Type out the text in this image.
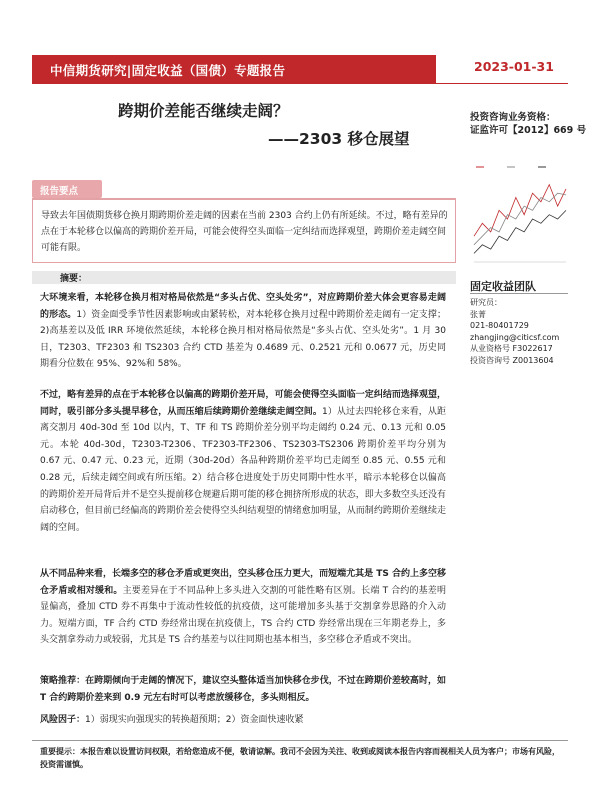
中信期货研究|固定收益（国债）专题报告	2023-01-31
跨期价差能否继续走阔？
——2303 移仓展望
投资咨询业务资格：
证监许可【2012】669 号
报告要点

导致去年国债期货移仓换月期跨期价差走阔的因素在当前 2303 合约上仍有所延续。不过，略有差异的点在于本轮移仓以偏高的跨期价差开局，可能会使得空头面临一定纠结而选择观望，跨期价差走阔空间可能有限。

摘要：
大环境来看，本轮移仓换月相对格局依然是“多头占优、空头处劣”，对应跨期价差大体会更容易走阔的形态。1）资金面受季节性因素影响或由紧转松，对本轮移仓换月过程中跨期价差走阔有一定支撑；2)高基差以及低 IRR 环境依然延续，本轮移仓换月相对格局依然是“多头占优、空头处劣”。1 月 30 日，T2303、TF2303 和 TS2303 合约 CTD 基差为 0.4689 元、0.2521 元和 0.0677 元，历史同期看分位数在 95%、92%和 58%。
不过，略有差异的点在于本轮移仓以偏高的跨期价差开局，可能会使得空头面临一定纠结而选择观望，同时，吸引部分多头提早移仓，从而压缩后续跨期价差继续走阔空间。1）从过去四轮移仓来看，从距离交割月 40d-30d 至 10d 以内，T、TF 和 TS 跨期价差分别平均走阔约 0.24 元、0.13 元和 0.05 元。本轮 40d-30d，T2303-T2306、TF2303-TF2306、TS2303-TS2306 跨期价差平均分别为 0.67 元、0.47 元、0.23 元，近期（30d-20d）各品种跨期价差平均已走阔至 0.85 元、0.55 元和 0.28 元，后续走阔空间或有所压缩。2）结合移仓进度处于历史同期中性水平，暗示本轮移仓以偏高的跨期价差开局背后并不是空头提前移仓规避后期可能的移仓拥挤所形成的状态，即大多数空头还没有启动移仓，但目前已经偏高的跨期价差会使得空头纠结观望的情绪愈加明显，从而制约跨期价差继续走阔的空间。
从不同品种来看，长端多空的移仓矛盾或更突出，空头移仓压力更大，而短端尤其是 TS 合约上多空移仓矛盾或相对缓和。主要差异在于不同品种上多头进入交割的可能性略有区别。长端 T 合约的基差明显偏高，叠加 CTD 券不再集中于流动性较低的抗疫债，这可能增加多头基于交割拿券思路的介入动力。短端方面，TF 合约 CTD 券经常出现在抗疫债上，TS 合约 CTD 券经常出现在三年期老券上，多头交割拿券动力或较弱，尤其是 TS 合约基差与以往同期也基本相当，多空移仓矛盾或不突出。
策略推荐：在跨期倾向于走阔的情况下，建议空头整体适当加快移仓步伐，不过在跨期价差较高时，如 T 合约跨期价差来到 0.9 元左右时可以考虑放缓移仓，多头则相反。
风险因子：1）弱现实向强现实的转换超预期；2）资金面快速收紧
固定收益团队
研究员：
张菁
021-80401729
zhangjing@citicsf.com
从业资格号 F3022617
投资咨询号 Z0013604
重要提示：本报告难以设置访问权限，若给您造成不便，敬请谅解。我司不会因为关注、收到或阅读本报告内容而视相关人员为客户；市场有风险，投资需谨慎。
